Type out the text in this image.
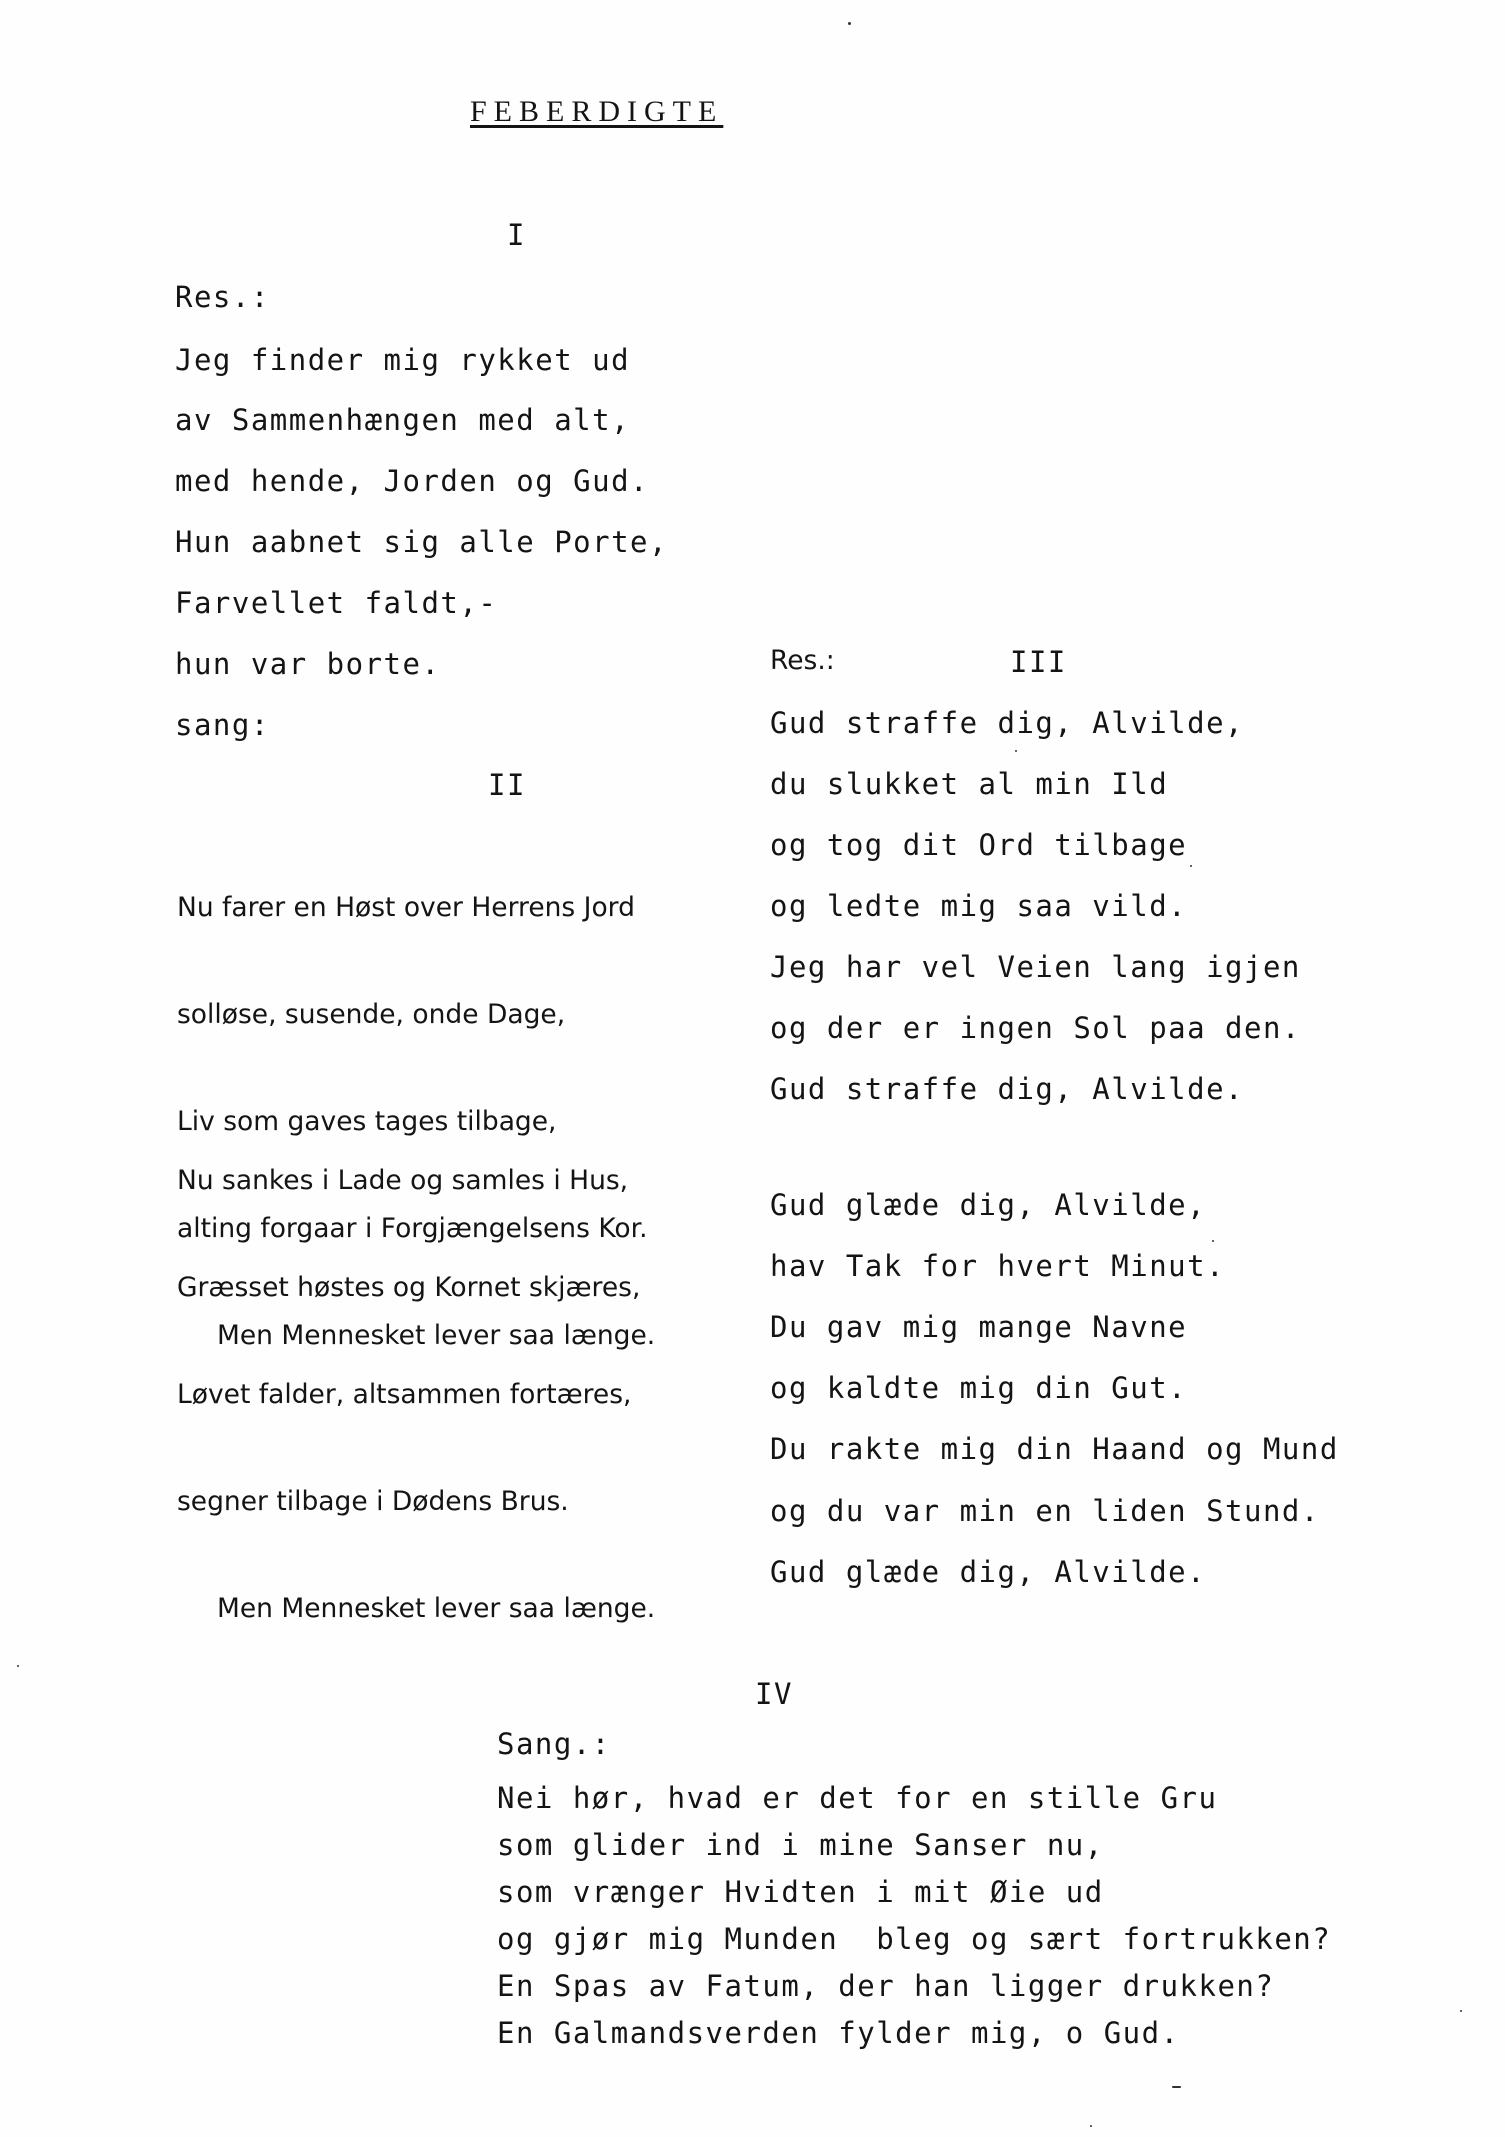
FEBERDIGTE
I
Res.:
Jeg finder mig rykket ud
av Sammenhængen med alt,
med hende, Jorden og Gud.
Hun aabnet sig alle Porte,
Farvellet faldt,-
hun var borte.
sang:
II

Nu farer en Høst over Herrens Jord

solløse, susende, onde Dage,

Liv som gaves tages tilbage,

alting forgaar i Forgjængelsens Kor.

Men Mennesket lever saa længe.

Nu sankes i Lade og samles i Hus,

Græsset høstes og Kornet skjæres,

Løvet falder, altsammen fortæres,

segner tilbage i Dødens Brus.

Men Mennesket lever saa længe.

Res.:	III

Gud straffe dig, Alvilde,

du slukket al min Ild

og tog dit Ord tilbage

og ledte mig saa vild.

Jeg har vel Veien lang igjen

og der er ingen Sol paa den.

Gud straffe dig, Alvilde.

Gud glæde dig, Alvilde,

hav Tak for hvert Minut.

Du gav mig mange Navne

og kaldte mig din Gut.

Du rakte mig din Haand og Mund

og du var min en liden Stund.

Gud glæde dig, Alvilde.

IV
Sang.:

Nei hør, hvad er det for en stille Gru

som glider ind i mine Sanser nu,

som vrænger Hvidten i mit Øie ud

og gjør mig Munden  bleg og sært fortrukken?

En Spas av Fatum, der han ligger drukken?

En Galmandsverden fylder mig, o Gud.
